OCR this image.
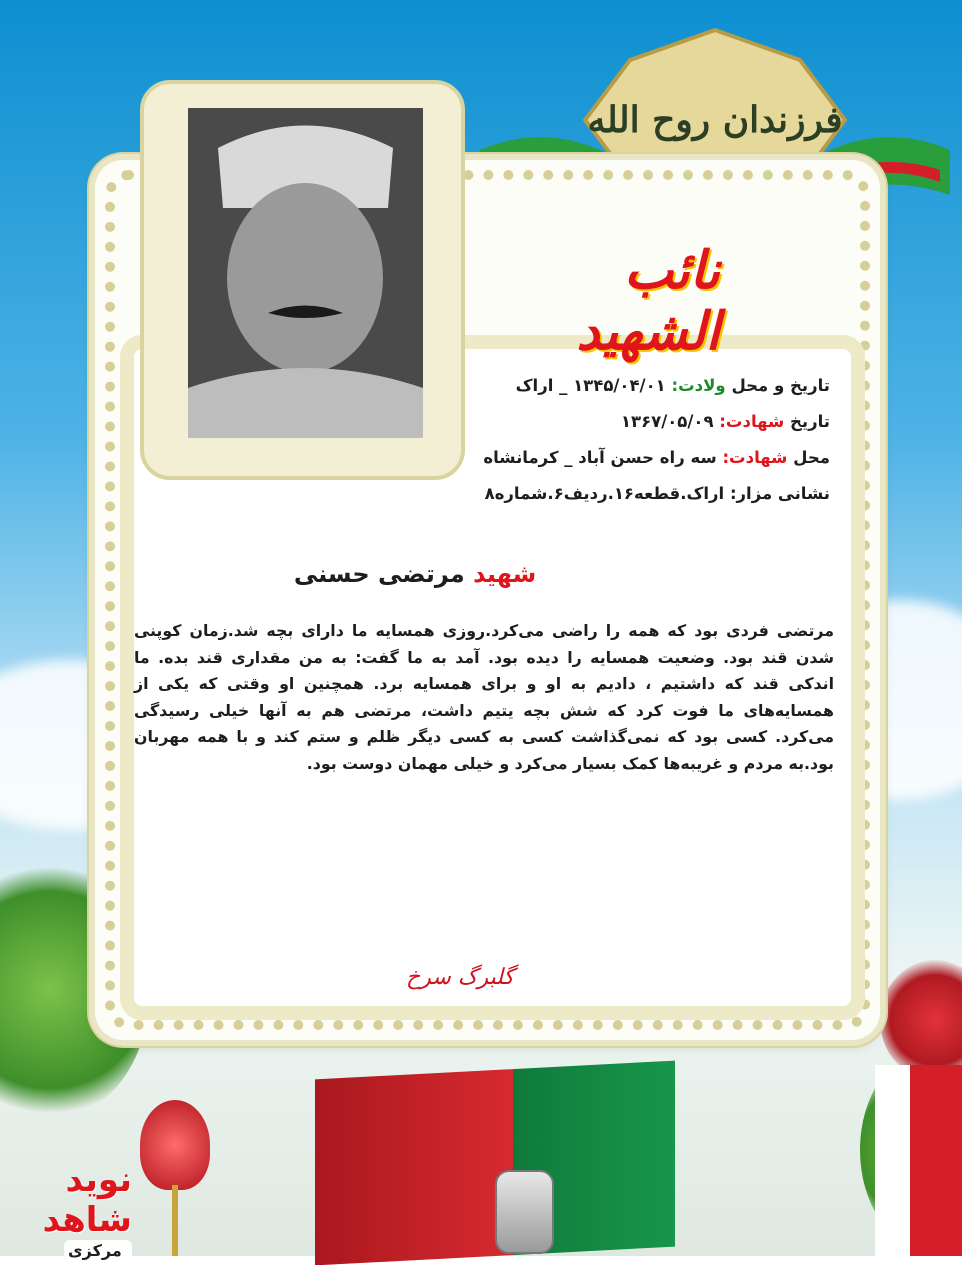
فرزندان روح الله
نائب الشهید
تاریخ و محل ولادت: ۱۳۴۵/۰۴/۰۱ _ اراک
تاریخ شهادت: ۱۳۶۷/۰۵/۰۹
محل شهادت: سه راه حسن آباد _ کرمانشاه
نشانی مزار: اراک.قطعه۱۶.ردیف۶.شماره۸
شهید مرتضی حسنی
مرتضی فردی بود که همه را راضی می‌کرد.روزی همسایه ما دارای بچه شد.زمان کوپنی شدن قند بود. وضعیت همسایه را دیده بود. آمد به ما گفت: به من مقداری قند بده. ما اندکی قند که داشتیم ، دادیم به او و برای همسایه برد. همچنین او وقتی که یکی از همسایه‌های ما فوت کرد که شش بچه یتیم داشت، مرتضی هم به آنها خیلی رسیدگی می‌کرد. کسی بود که نمی‌گذاشت کسی به کسی دیگر ظلم و ستم کند و با همه مهربان بود.به مردم و غریبه‌ها کمک بسیار می‌کرد و خیلی مهمان دوست بود.
گلبرگ سرخ
نوید شاهد
مرکزی
